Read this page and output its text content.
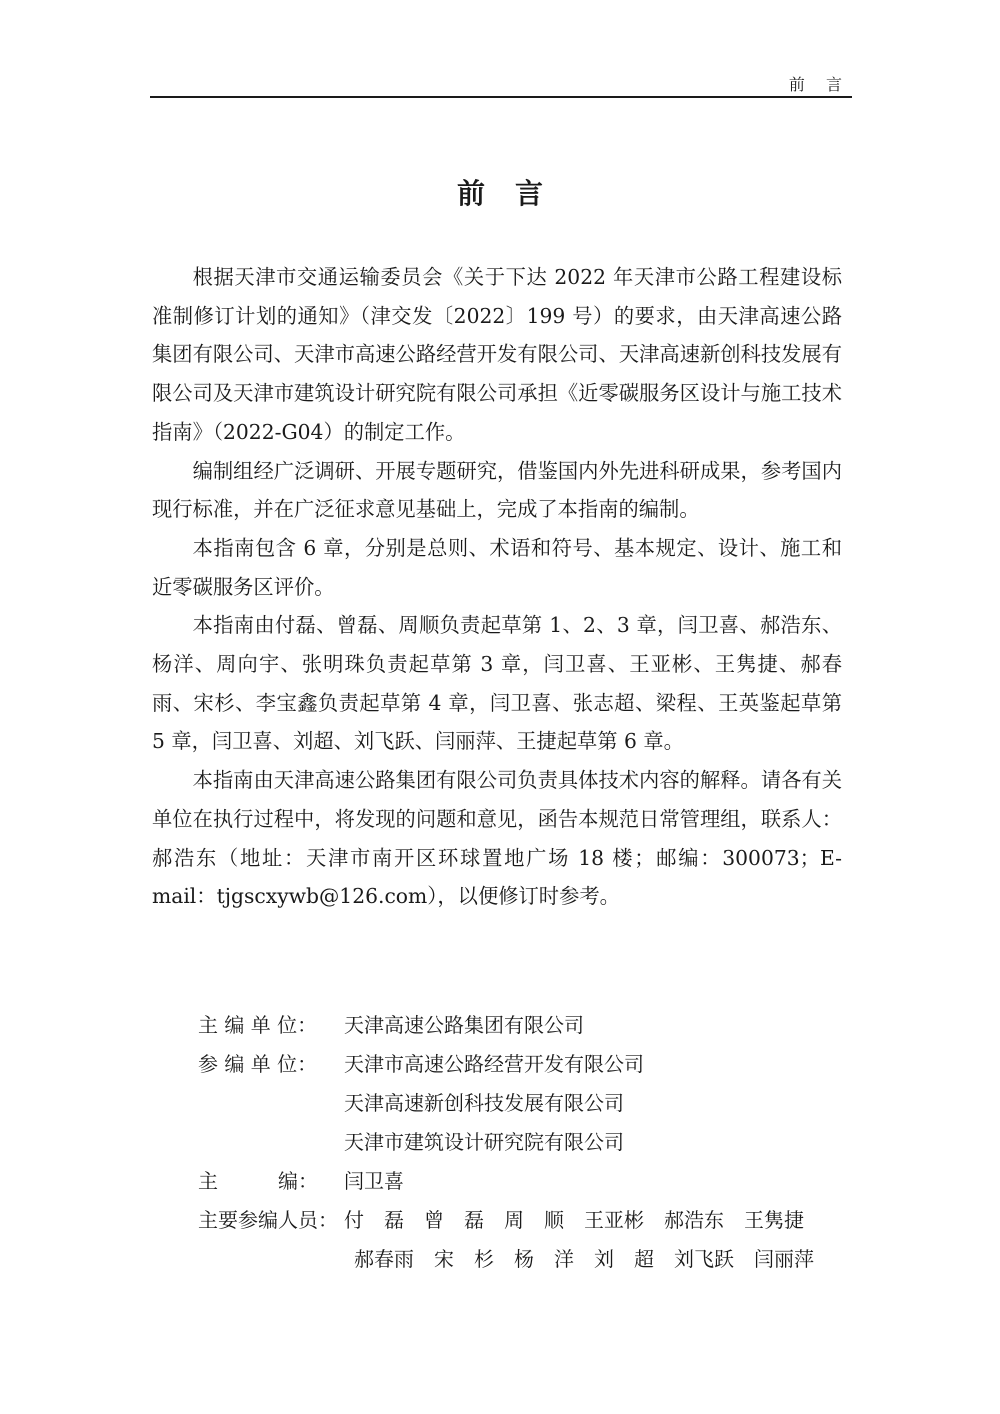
前 言
前言

根据天津市交通运输委员会《关于下达 2022 年天津市公路工程建设标准制修订计划的通知》（津交发〔2022〕199 号）的要求，由天津高速公路集团有限公司、天津市高速公路经营开发有限公司、天津高速新创科技发展有限公司及天津市建筑设计研究院有限公司承担《近零碳服务区设计与施工技术指南》（2022-G04）的制定工作。

编制组经广泛调研、开展专题研究，借鉴国内外先进科研成果，参考国内现行标准，并在广泛征求意见基础上，完成了本指南的编制。

本指南包含 6 章，分别是总则、术语和符号、基本规定、设计、施工和近零碳服务区评价。

本指南由付磊、曾磊、周顺负责起草第 1、2、3 章，闫卫喜、郝浩东、杨洋、周向宇、张明珠负责起草第 3 章，闫卫喜、王亚彬、王隽捷、郝春雨、宋杉、李宝鑫负责起草第 4 章，闫卫喜、张志超、梁程、王英鉴起草第 5 章，闫卫喜、刘超、刘飞跃、闫丽萍、王捷起草第 6 章。

本指南由天津高速公路集团有限公司负责具体技术内容的解释。请各有关单位在执行过程中，将发现的问题和意见，函告本规范日常管理组，联系人：郝浩东（地址：天津市南开区环球置地广场 18 楼；邮编：300073；E-mail：tjgscxywb@126.com），以便修订时参考。

主 编 单 位： 天津高速公路集团有限公司
参 编 单 位： 天津市高速公路经营开发有限公司
天津高速新创科技发展有限公司
天津市建筑设计研究院有限公司
主　　　编： 闫卫喜
主要参编人员： 付　磊 曾　磊 周　顺 王亚彬 郝浩东 王隽捷
郝春雨 宋　杉 杨　洋 刘　超 刘飞跃 闫丽萍
